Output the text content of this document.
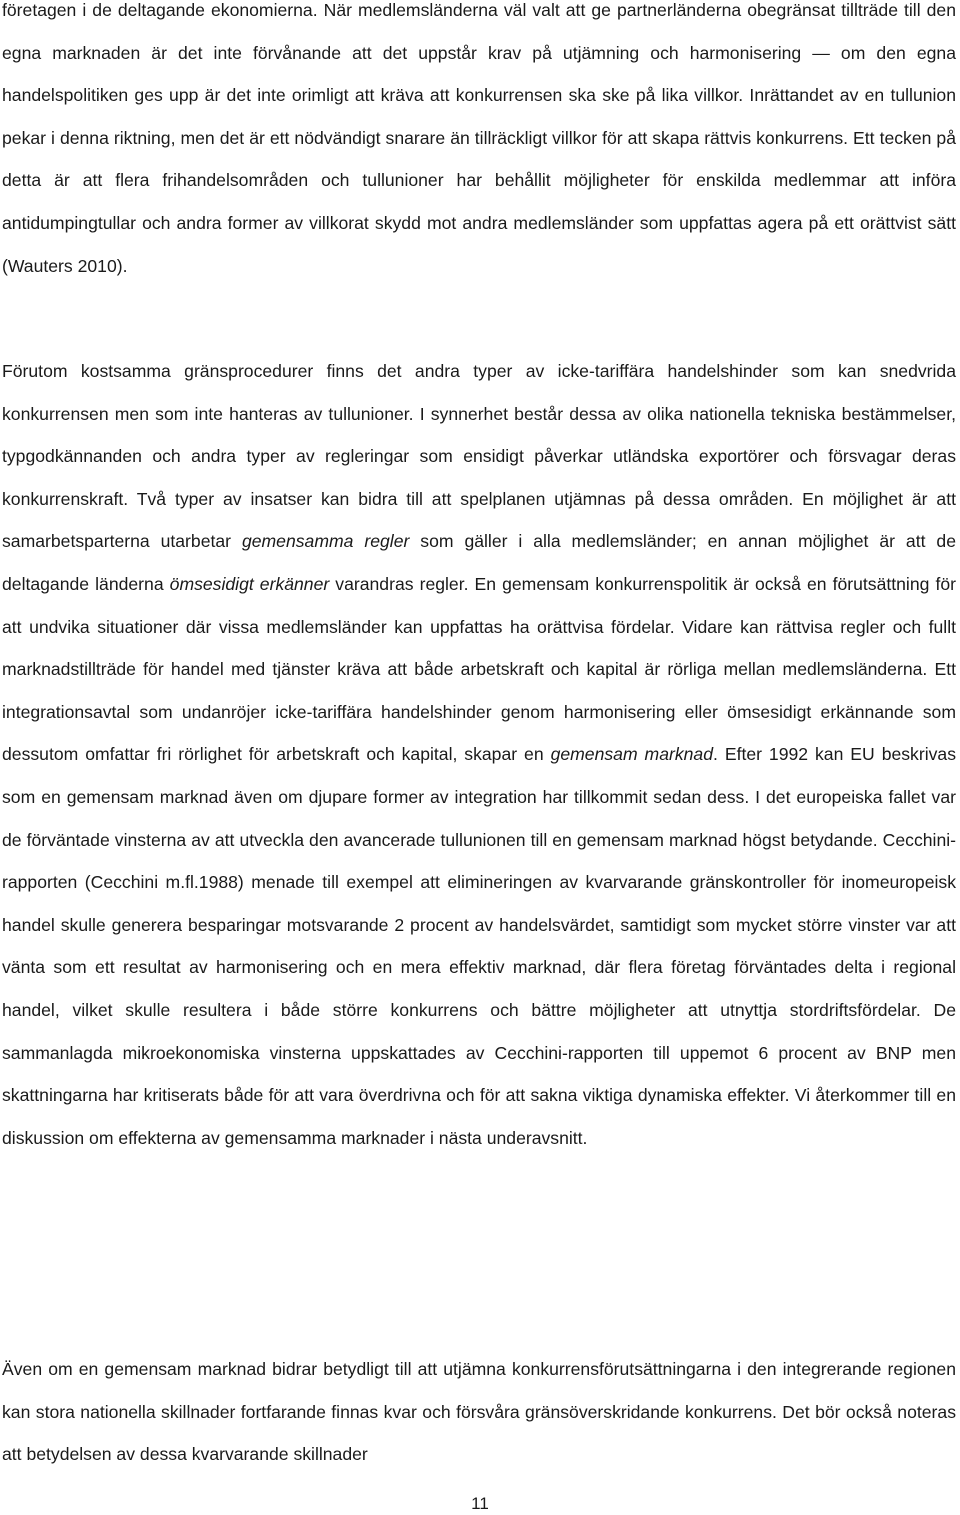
företagen i de deltagande ekonomierna. När medlemsländerna väl valt att ge partnerländerna obegränsat tillträde till den egna marknaden är det inte förvånande att det uppstår krav på utjämning och harmonisering — om den egna handelspolitiken ges upp är det inte orimligt att kräva att konkurrensen ska ske på lika villkor. Inrättandet av en tullunion pekar i denna riktning, men det är ett nödvändigt snarare än tillräckligt villkor för att skapa rättvis konkurrens. Ett tecken på detta är att flera frihandelsområden och tullunioner har behållit möjligheter för enskilda medlemmar att införa antidumpingtullar och andra former av villkorat skydd mot andra medlemsländer som uppfattas agera på ett orättvist sätt (Wauters 2010).

Förutom kostsamma gränsprocedurer finns det andra typer av icke-tariffära handelshinder som kan snedvrida konkurrensen men som inte hanteras av tullunioner. I synnerhet består dessa av olika nationella tekniska bestämmelser, typgodkännanden och andra typer av regleringar som ensidigt påverkar utländska exportörer och försvagar deras konkurrenskraft. Två typer av insatser kan bidra till att spelplanen utjämnas på dessa områden. En möjlighet är att samarbetsparterna utarbetar gemensamma regler som gäller i alla medlemsländer; en annan möjlighet är att de deltagande länderna ömsesidigt erkänner varandras regler. En gemensam konkurrenspolitik är också en förutsättning för att undvika situationer där vissa medlemsländer kan uppfattas ha orättvisa fördelar. Vidare kan rättvisa regler och fullt marknadstillträde för handel med tjänster kräva att både arbetskraft och kapital är rörliga mellan medlemsländerna. Ett integrationsavtal som undanröjer icke-tariffära handelshinder genom harmonisering eller ömsesidigt erkännande som dessutom omfattar fri rörlighet för arbetskraft och kapital, skapar en gemensam marknad. Efter 1992 kan EU beskrivas som en gemensam marknad även om djupare former av integration har tillkommit sedan dess. I det europeiska fallet var de förväntade vinsterna av att utveckla den avancerade tullunionen till en gemensam marknad högst betydande. Cecchini-rapporten (Cecchini m.fl.1988) menade till exempel att elimineringen av kvarvarande gränskontroller för inomeuropeisk handel skulle generera besparingar motsvarande 2 procent av handelsvärdet, samtidigt som mycket större vinster var att vänta som ett resultat av harmonisering och en mera effektiv marknad, där flera företag förväntades delta i regional handel, vilket skulle resultera i både större konkurrens och bättre möjligheter att utnyttja stordriftsfördelar. De sammanlagda mikroekonomiska vinsterna uppskattades av Cecchini-rapporten till uppemot 6 procent av BNP men skattningarna har kritiserats både för att vara överdrivna och för att sakna viktiga dynamiska effekter. Vi återkommer till en diskussion om effekterna av gemensamma marknader i nästa underavsnitt.

Även om en gemensam marknad bidrar betydligt till att utjämna konkurrensförutsättningarna i den integrerande regionen kan stora nationella skillnader fortfarande finnas kvar och försvåra gränsöverskridande konkurrens. Det bör också noteras att betydelsen av dessa kvarvarande skillnader

11
